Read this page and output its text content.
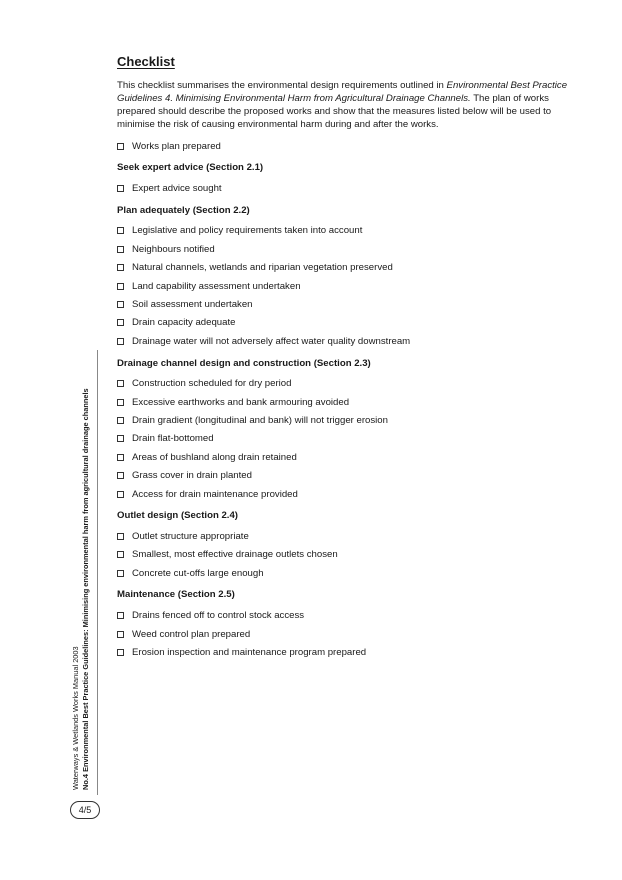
Checklist

This checklist summarises the environmental design requirements outlined in Environmental Best Practice Guidelines 4. Minimising Environmental Harm from Agricultural Drainage Channels. The plan of works prepared should describe the proposed works and show that the measures listed below will be used to minimise the risk of causing environmental harm during and after the works.

Works plan prepared
Seek expert advice (Section 2.1)
Expert advice sought
Plan adequately (Section 2.2)
Legislative and policy requirements taken into account
Neighbours notified
Natural channels, wetlands and riparian vegetation preserved
Land capability assessment undertaken
Soil assessment undertaken
Drain capacity adequate
Drainage water will not adversely affect water quality downstream
Drainage channel design and construction (Section 2.3)
Construction scheduled for dry period
Excessive earthworks and bank armouring avoided
Drain gradient (longitudinal and bank) will not trigger erosion
Drain flat-bottomed
Areas of bushland along drain retained
Grass cover in drain planted
Access for drain maintenance provided
Outlet design (Section 2.4)
Outlet structure appropriate
Smallest, most effective drainage outlets chosen
Concrete cut-offs large enough
Maintenance (Section 2.5)
Drains fenced off to control stock access
Weed control plan prepared
Erosion inspection and maintenance program prepared
Waterways & Wetlands Works Manual 2003 No.4 Environmental Best Practice Guidelines: Minimising environmental harm from agricultural drainage channels
4/5
